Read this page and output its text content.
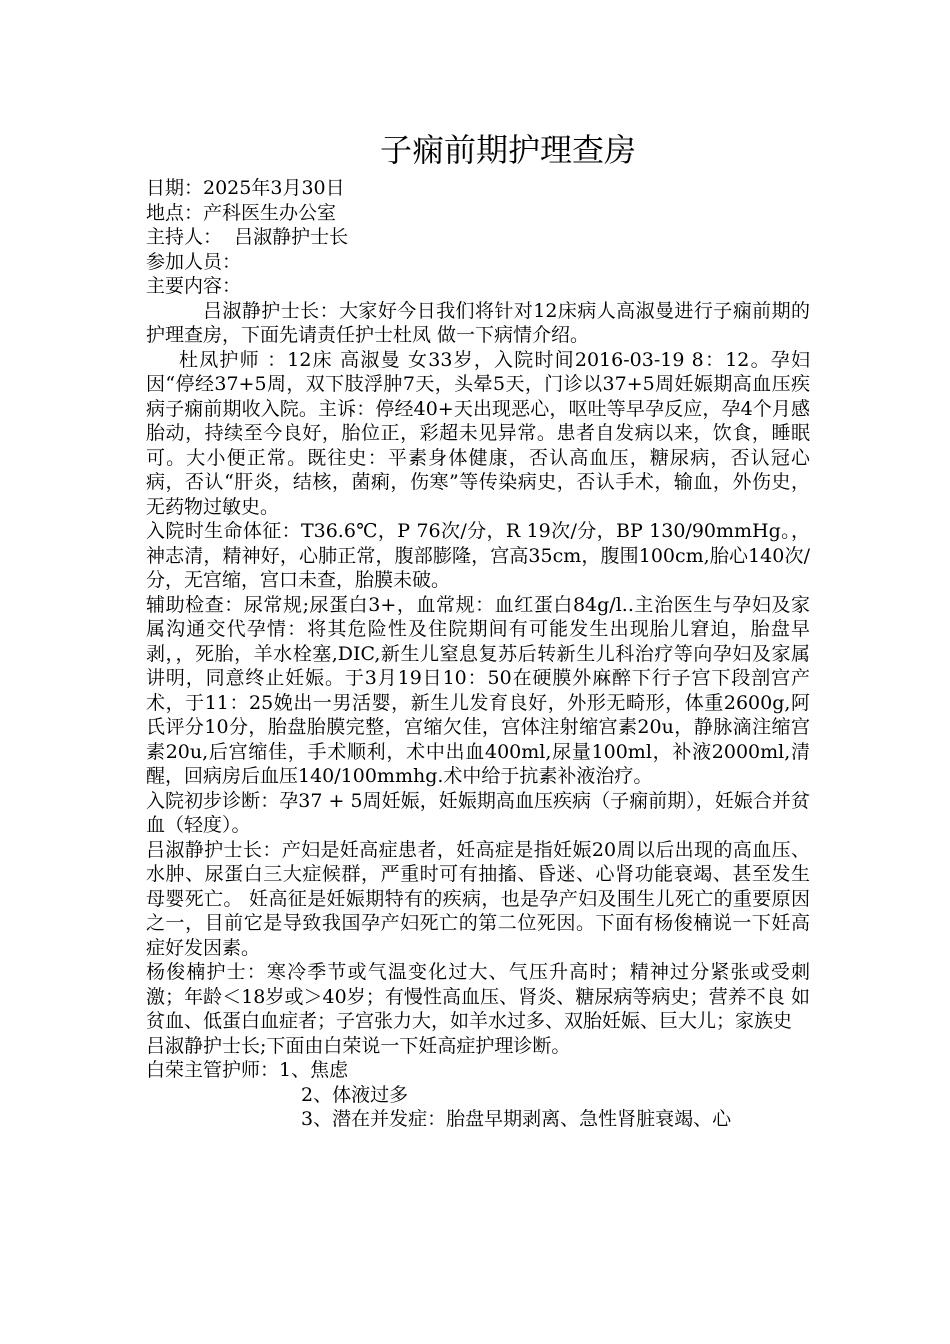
子痫前期护理查房
日期：2025年3月30日
地点：产科医生办公室
主持人：  吕淑静护士长
参加人员：
主要内容：

吕淑静护士长：大家好今日我们将针对12床病人高淑曼进行子痫前期的护理查房，下面先请责任护士杜凤 做一下病情介绍。

杜凤护师 ：12床 高淑曼 女33岁，入院时间2016-03-19 8：12。孕妇因“停经37+5周，双下肢浮肿7天，头晕5天，门诊以37+5周妊娠期高血压疾病子痫前期收入院。主诉：停经40+天出现恶心，呕吐等早孕反应，孕4个月感胎动，持续至今良好，胎位正，彩超未见异常。患者自发病以来，饮食，睡眠可。大小便正常。既往史：平素身体健康，否认高血压，糖尿病，否认冠心病，否认“肝炎，结核，菌痢，伤寒”等传染病史，否认手术，输血，外伤史，无药物过敏史。

入院时生命体征：T36.6℃，P 76次/分，R 19次/分，BP 130/90mmHg。，神志清，精神好，心肺正常，腹部膨隆，宫高35cm，腹围100cm,胎心140次/分，无宫缩，宫口未查，胎膜未破。

辅助检查：尿常规;尿蛋白3+，血常规：血红蛋白84g/l..主治医生与孕妇及家属沟通交代孕情：将其危险性及住院期间有可能发生出现胎儿窘迫，胎盘早剥，，死胎，羊水栓塞,DIC,新生儿窒息复苏后转新生儿科治疗等向孕妇及家属讲明，同意终止妊娠。于3月19日10：50在硬膜外麻醉下行子宫下段剖宫产术，于11：25娩出一男活婴，新生儿发育良好，外形无畸形，体重2600g,阿氏评分10分，胎盘胎膜完整，宫缩欠佳，宫体注射缩宫素20u，静脉滴注缩宫素20u,后宫缩佳，手术顺利，术中出血400ml,尿量100ml，补液2000ml,清醒，回病房后血压140/100mmhg.术中给于抗素补液治疗。

入院初步诊断：孕37 + 5周妊娠，妊娠期高血压疾病（子痫前期），妊娠合并贫血（轻度）。

吕淑静护士长：产妇是妊高症患者，妊高症是指妊娠20周以后出现的高血压、水肿、尿蛋白三大症候群，严重时可有抽搐、昏迷、心肾功能衰竭、甚至发生母婴死亡。 妊高征是妊娠期特有的疾病，也是孕产妇及围生儿死亡的重要原因之一，目前它是导致我国孕产妇死亡的第二位死因。下面有杨俊楠说一下妊高症好发因素。

杨俊楠护士：寒冷季节或气温变化过大、气压升高时；精神过分紧张或受刺激；年龄＜18岁或＞40岁；有慢性高血压、肾炎、糖尿病等病史；营养不良 如贫血、低蛋白血症者；子宫张力大，如羊水过多、双胎妊娠、巨大儿；家族史

吕淑静护士长;下面由白荣说一下妊高症护理诊断。

白荣主管护师：1、焦虑
2、体液过多
3、潜在并发症：胎盘早期剥离、急性肾脏衰竭、心
